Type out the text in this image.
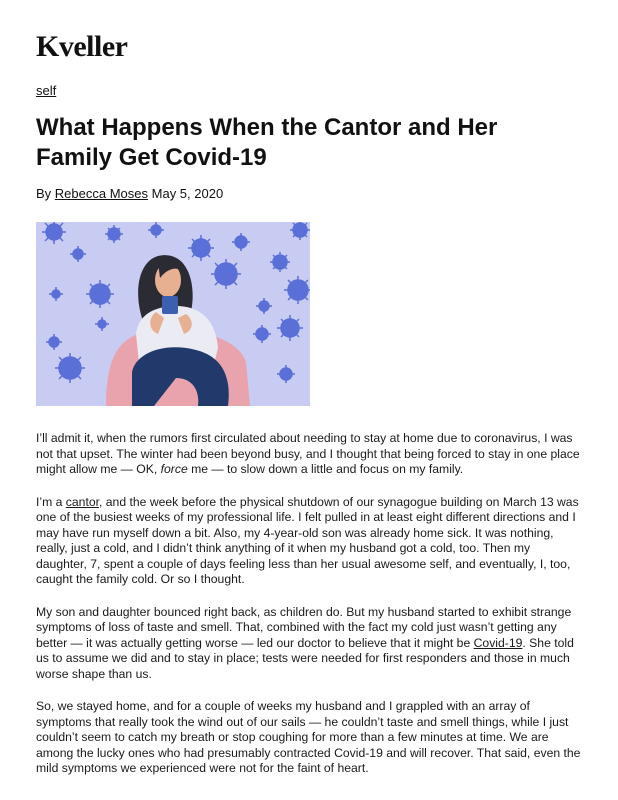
Kveller
self
What Happens When the Cantor and Her Family Get Covid-19
By Rebecca Moses May 5, 2020

I’ll admit it, when the rumors first circulated about needing to stay at home due to coronavirus, I was not that upset. The winter had been beyond busy, and I thought that being forced to stay in one place might allow me — OK, force me — to slow down a little and focus on my family.

I’m a cantor, and the week before the physical shutdown of our synagogue building on March 13 was one of the busiest weeks of my professional life. I felt pulled in at least eight different directions and I may have run myself down a bit. Also, my 4-year-old son was already home sick. It was nothing, really, just a cold, and I didn’t think anything of it when my husband got a cold, too. Then my daughter, 7, spent a couple of days feeling less than her usual awesome self, and eventually, I, too, caught the family cold. Or so I thought.

My son and daughter bounced right back, as children do. But my husband started to exhibit strange symptoms of loss of taste and smell. That, combined with the fact my cold just wasn’t getting any better — it was actually getting worse — led our doctor to believe that it might be Covid-19. She told us to assume we did and to stay in place; tests were needed for first responders and those in much worse shape than us.

So, we stayed home, and for a couple of weeks my husband and I grappled with an array of symptoms that really took the wind out of our sails — he couldn’t taste and smell things, while I just couldn’t seem to catch my breath or stop coughing for more than a few minutes at time. We are among the lucky ones who had presumably contracted Covid-19 and will recover. That said, even the mild symptoms we experienced were not for the faint of heart.
